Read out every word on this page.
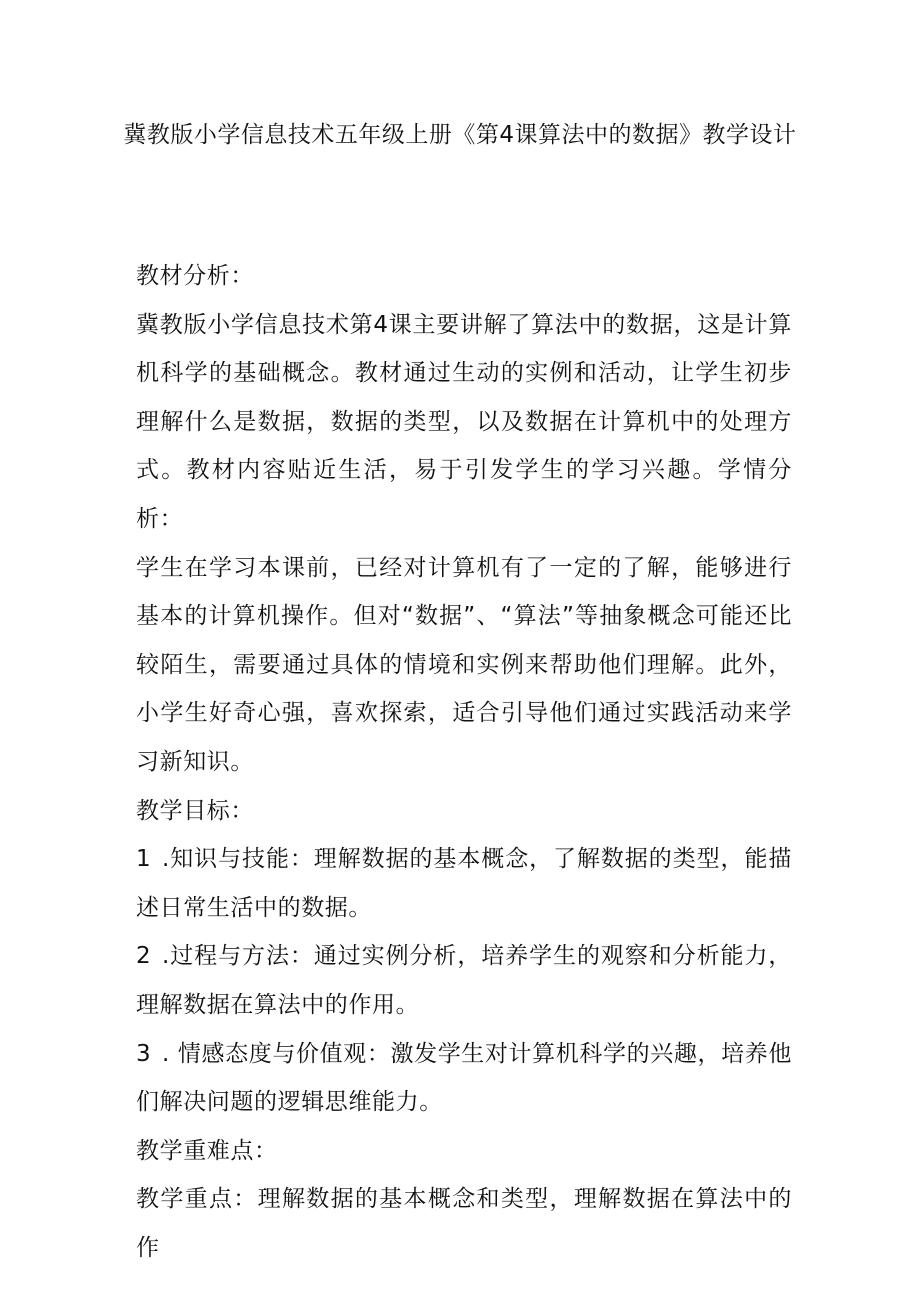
冀教版小学信息技术五年级上册《第4课算法中的数据》教学设计

教材分析：

冀教版小学信息技术第4课主要讲解了算法中的数据，这是计算机科学的基础概念。教材通过生动的实例和活动，让学生初步理解什么是数据，数据的类型，以及数据在计算机中的处理方式。教材内容贴近生活，易于引发学生的学习兴趣。学情分析：

学生在学习本课前，已经对计算机有了一定的了解，能够进行基本的计算机操作。但对“数据”、“算法”等抽象概念可能还比较陌生，需要通过具体的情境和实例来帮助他们理解。此外，小学生好奇心强，喜欢探索，适合引导他们通过实践活动来学习新知识。

教学目标：

1 .知识与技能：理解数据的基本概念，了解数据的类型，能描述日常生活中的数据。

2 .过程与方法：通过实例分析，培养学生的观察和分析能力，理解数据在算法中的作用。

3 . 情感态度与价值观：激发学生对计算机科学的兴趣，培养他们解决问题的逻辑思维能力。

教学重难点：

教学重点：理解数据的基本概念和类型，理解数据在算法中的作
